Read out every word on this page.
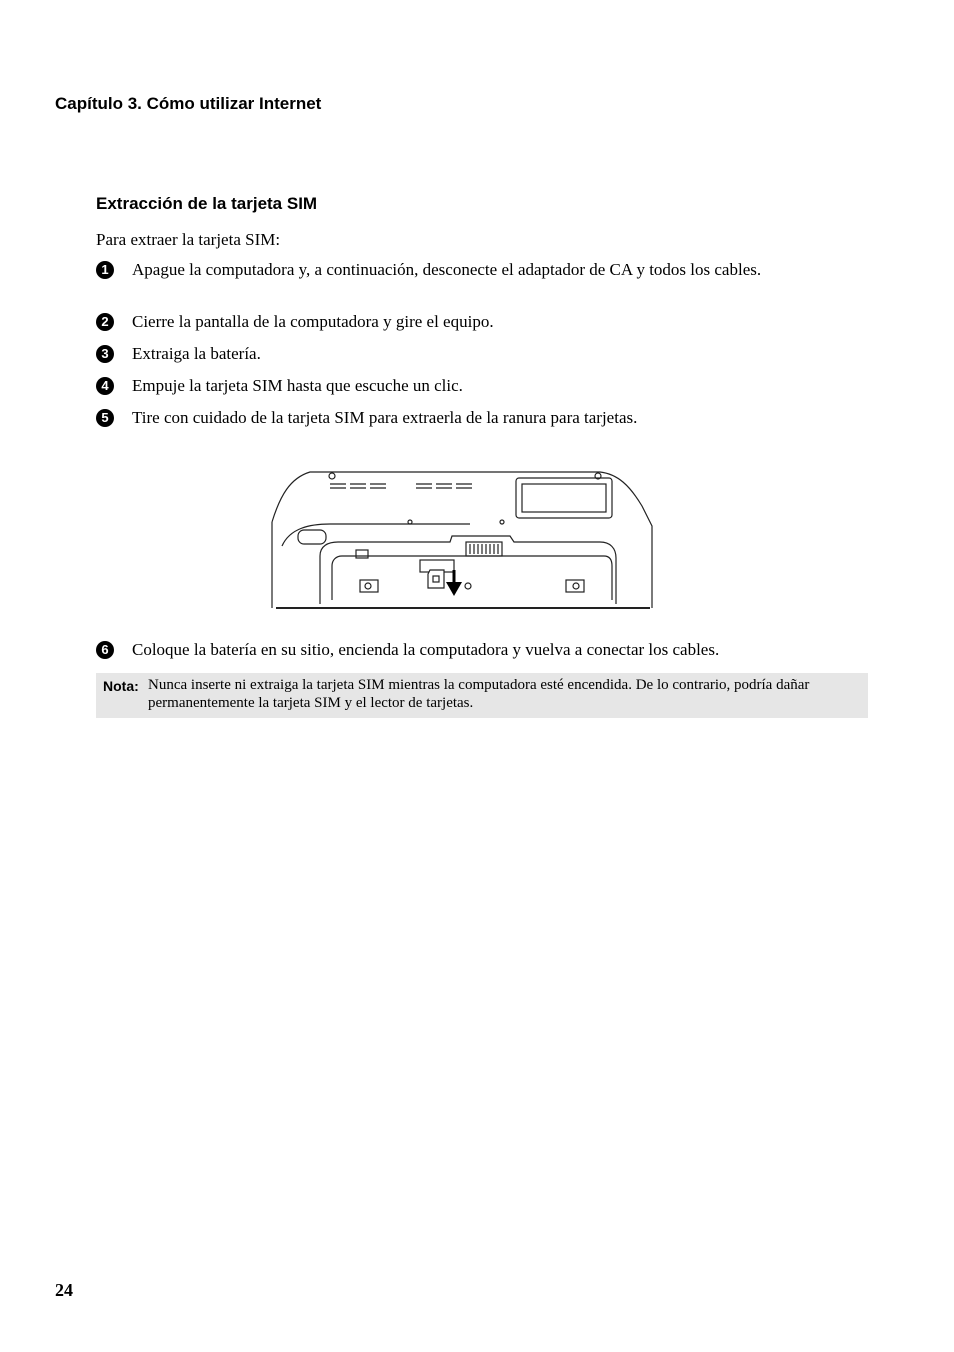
Capítulo 3. Cómo utilizar Internet
Extracción de la tarjeta SIM
Para extraer la tarjeta SIM:
1	Apague la computadora y, a continuación, desconecte el adaptador de CA y todos los cables.
2	Cierre la pantalla de la computadora y gire el equipo.
3	Extraiga la batería.
4	Empuje la tarjeta SIM hasta que escuche un clic.
5	Tire con cuidado de la tarjeta SIM para extraerla de la ranura para tarjetas.
6	Coloque la batería en su sitio, encienda la computadora y vuelva a conectar los cables.
Nota: Nunca inserte ni extraiga la tarjeta SIM mientras la computadora esté encendida. De lo contrario, podría dañar permanentemente la tarjeta SIM y el lector de tarjetas.
24
